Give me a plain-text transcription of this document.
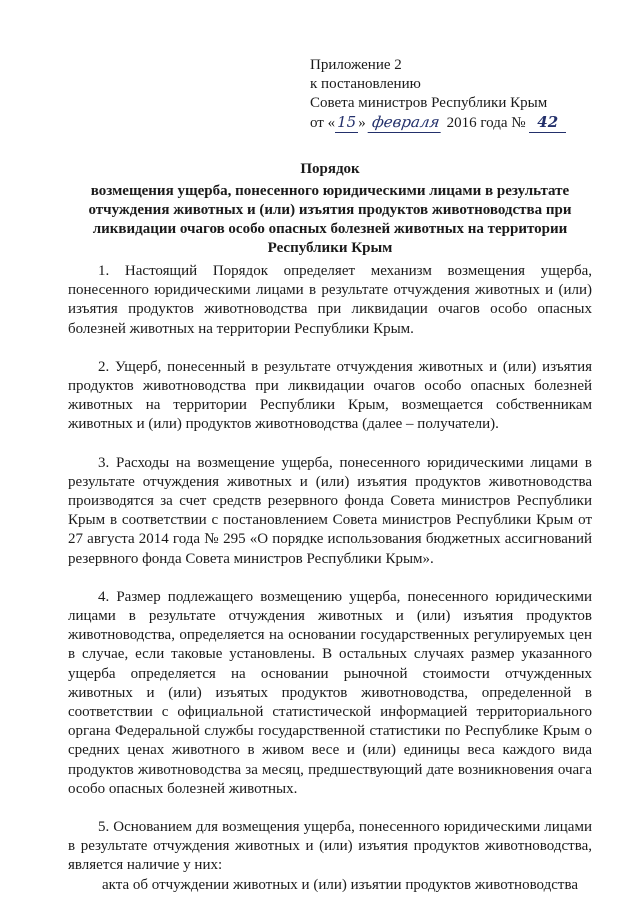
Приложение 2
к постановлению
Совета министров Республики Крым
от « 15 » февраля 2016 года № 42
Порядок
возмещения ущерба, понесенного юридическими лицами в результате отчуждения животных и (или) изъятия продуктов животноводства при ликвидации очагов особо опасных болезней животных на территории Республики Крым

1. Настоящий Порядок определяет механизм возмещения ущерба, понесенного юридическими лицами в результате отчуждения животных и (или) изъятия продуктов животноводства при ликвидации очагов особо опасных болезней животных на территории Республики Крым.

2. Ущерб, понесенный в результате отчуждения животных и (или) изъятия продуктов животноводства при ликвидации очагов особо опасных болезней животных на территории Республики Крым, возмещается собственникам животных и (или) продуктов животноводства (далее – получатели).

3. Расходы на возмещение ущерба, понесенного юридическими лицами в результате отчуждения животных и (или) изъятия продуктов животноводства производятся за счет средств резервного фонда Совета министров Республики Крым в соответствии с постановлением Совета министров Республики Крым от 27 августа 2014 года № 295 «О порядке использования бюджетных ассигнований резервного фонда Совета министров Республики Крым».

4. Размер подлежащего возмещению ущерба, понесенного юридическими лицами в результате отчуждения животных и (или) изъятия продуктов животноводства, определяется на основании государственных регулируемых цен в случае, если таковые установлены. В остальных случаях размер указанного ущерба определяется на основании рыночной стоимости отчужденных животных и (или) изъятых продуктов животноводства, определенной в соответствии с официальной статистической информацией территориального органа Федеральной службы государственной статистики по Республике Крым о средних ценах животного в живом весе и (или) единицы веса каждого вида продуктов животноводства за месяц, предшествующий дате возникновения очага особо опасных болезней животных.

5. Основанием для возмещения ущерба, понесенного юридическими лицами в результате отчуждения животных и (или) изъятия продуктов животноводства, является наличие у них:

акта об отчуждении животных и (или) изъятии продуктов животноводства
